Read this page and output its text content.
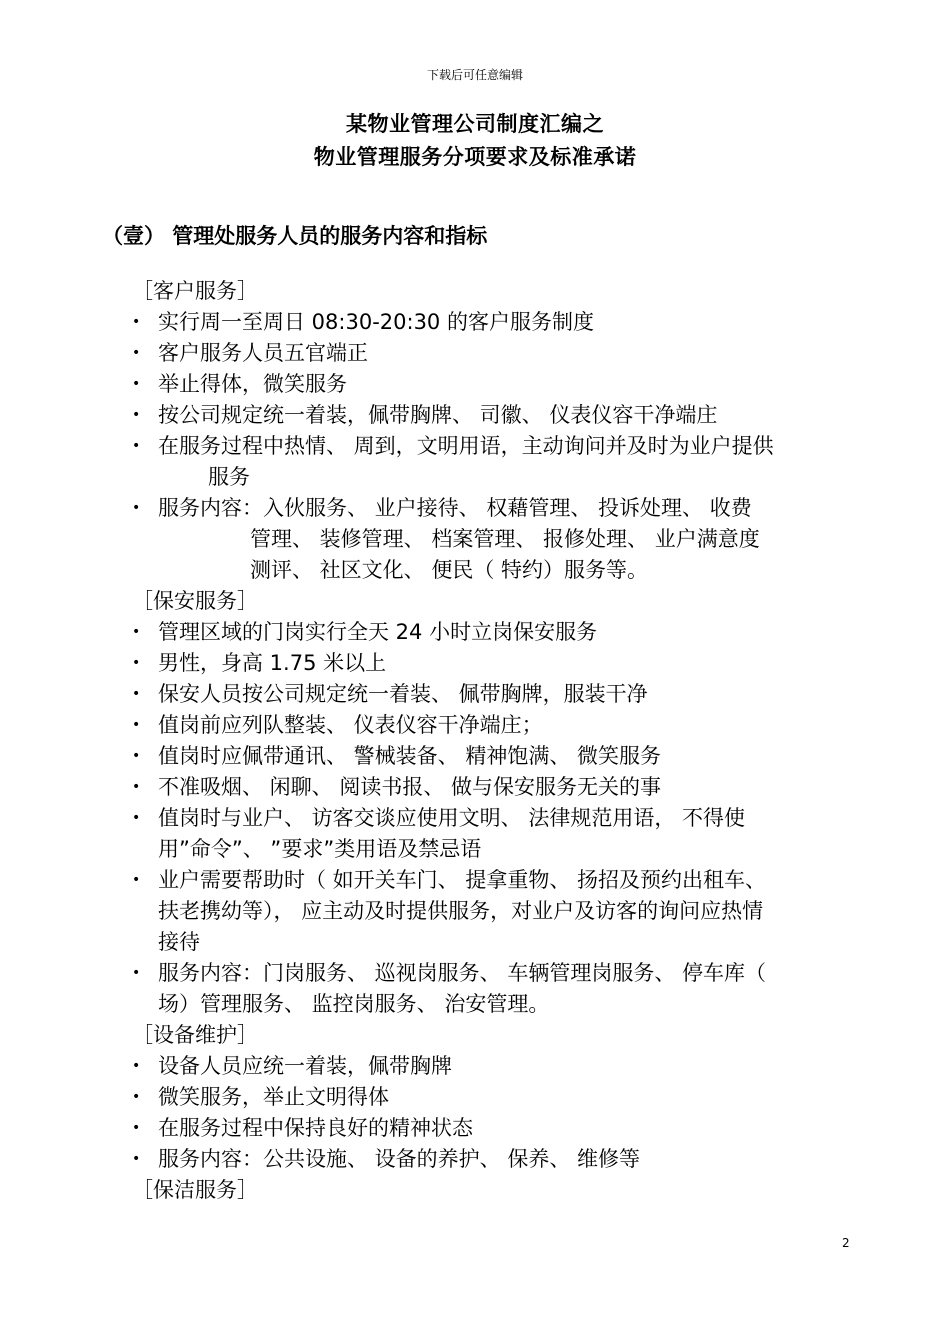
下载后可任意编辑
某物业管理公司制度汇编之
物业管理服务分项要求及标准承诺
（壹） 管理处服务人员的服务内容和指标
［客户服务］
• 实行周一至周日 08:30-20:30 的客户服务制度
• 客户服务人员五官端正
• 举止得体，微笑服务
• 按公司规定统一着装，佩带胸牌、 司徽、 仪表仪容干净端庄
• 在服务过程中热情、 周到，文明用语，主动询问并及时为业户提供
服务
• 服务内容：入伙服务、 业户接待、 权藉管理、 投诉处理、 收费
管理、 装修管理、 档案管理、 报修处理、 业户满意度
测评、 社区文化、 便民（ 特约）服务等。
［保安服务］
• 管理区域的门岗实行全天 24 小时立岗保安服务
• 男性，身高 1.75 米以上
• 保安人员按公司规定统一着装、 佩带胸牌，服装干净
• 值岗前应列队整装、 仪表仪容干净端庄；
• 值岗时应佩带通讯、 警械装备、 精神饱满、 微笑服务
• 不准吸烟、 闲聊、 阅读书报、 做与保安服务无关的事
• 值岗时与业户、 访客交谈应使用文明、 法律规范用语， 不得使
用”命令”、 ”要求”类用语及禁忌语
• 业户需要帮助时（ 如开关车门、 提拿重物、 扬招及预约出租车、
扶老携幼等）， 应主动及时提供服务，对业户及访客的询问应热情
接待
• 服务内容：门岗服务、 巡视岗服务、 车辆管理岗服务、 停车库（
场）管理服务、 监控岗服务、 治安管理。
［设备维护］
• 设备人员应统一着装，佩带胸牌
• 微笑服务，举止文明得体
• 在服务过程中保持良好的精神状态
• 服务内容：公共设施、 设备的养护、 保养、 维修等
［保洁服务］
2
